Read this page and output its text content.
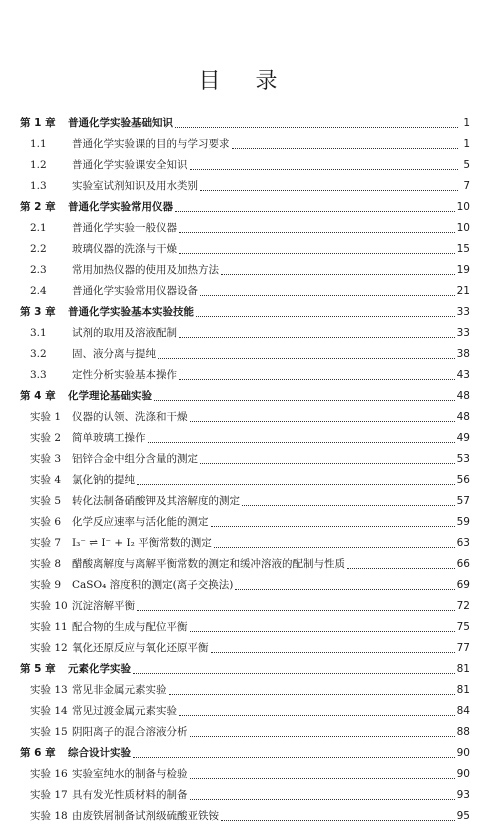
目 录
第 1 章	普通化学实验基础知识	1
1.1	普通化学实验课的目的与学习要求	1
1.2	普通化学实验课安全知识	5
1.3	实验室试剂知识及用水类别	7
第 2 章	普通化学实验常用仪器	10
2.1	普通化学实验一般仪器	10
2.2	玻璃仪器的洗涤与干燥	15
2.3	常用加热仪器的使用及加热方法	19
2.4	普通化学实验常用仪器设备	21
第 3 章	普通化学实验基本实验技能	33
3.1	试剂的取用及溶液配制	33
3.2	固、液分离与提纯	38
3.3	定性分析实验基本操作	43
第 4 章	化学理论基础实验	48
实验 1	仪器的认领、洗涤和干燥	48
实验 2	简单玻璃工操作	49
实验 3	铝锌合金中组分含量的测定	53
实验 4	氯化钠的提纯	56
实验 5	转化法制备硝酸钾及其溶解度的测定	57
实验 6	化学反应速率与活化能的测定	59
实验 7	I₃⁻ ⇌ I⁻ + I₂ 平衡常数的测定	63
实验 8	醋酸离解度与离解平衡常数的测定和缓冲溶液的配制与性质	66
实验 9	CaSO₄ 溶度积的测定(离子交换法)	69
实验 10 沉淀溶解平衡	72
实验 11 配合物的生成与配位平衡	75
实验 12 氧化还原反应与氧化还原平衡	77
第 5 章	元素化学实验	81
实验 13 常见非金属元素实验	81
实验 14 常见过渡金属元素实验	84
实验 15 阴阳离子的混合溶液分析	88
第 6 章	综合设计实验	90
实验 16 实验室纯水的制备与检验	90
实验 17 具有发光性质材料的制备	93
实验 18 由废铁屑制备试剂级硫酸亚铁铵	95
